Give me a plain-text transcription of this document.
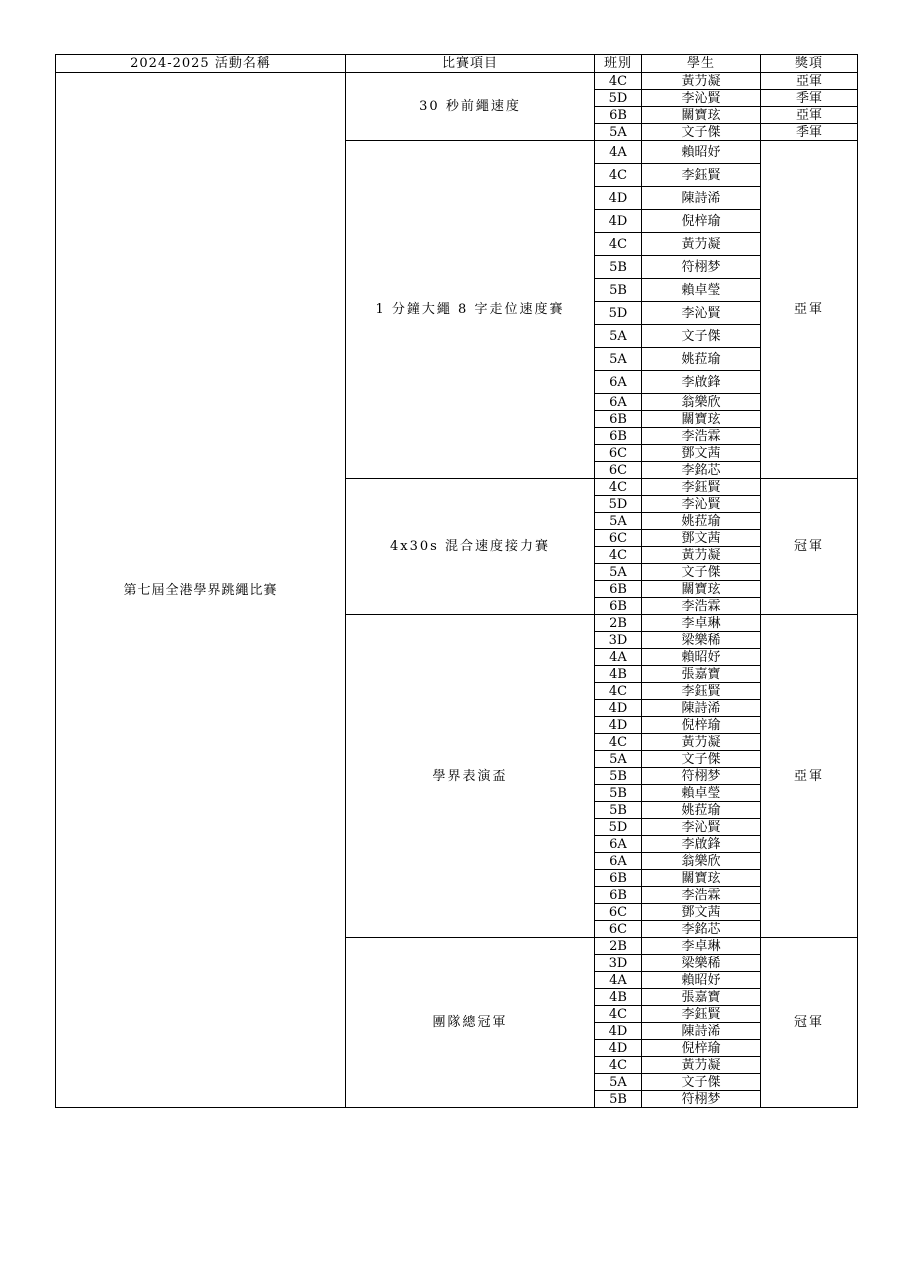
2024-2025 活動名稱	比賽項目	班別	學生	獎項
第七屆全港學界跳繩比賽	30 秒前繩速度	4C	黃芀凝	亞軍
		5D	李沁賢	季軍
		6B	關寶玹	亞軍
		5A	文子傑	季軍
	1 分鐘大繩 8 字走位速度賽	4A	賴昭妤	亞軍
		4C	李鈺賢	
		4D	陳詩浠	
		4D	倪梓瑜	
		4C	黃芀凝	
		5B	符栩梦	
		5B	賴卓瑩	
		5D	李沁賢	
		5A	文子傑	
		5A	姚菈瑜	
		6A	李啟鋒	
		6A	翁樂欣	
		6B	關寶玹	
		6B	李浩霖	
		6C	鄧文茜	
		6C	李銘芯	
	4x30s 混合速度接力賽	4C	李鈺賢	冠軍
		5D	李沁賢	
		5A	姚菈瑜	
		6C	鄧文茜	
		4C	黃芀凝	
		5A	文子傑	
		6B	關寶玹	
		6B	李浩霖	
	學界表演盃	2B	李卓琳	亞軍
		3D	梁樂稀	
		4A	賴昭妤	
		4B	張嘉寶	
		4C	李鈺賢	
		4D	陳詩浠	
		4D	倪梓瑜	
		4C	黃芀凝	
		5A	文子傑	
		5B	符栩梦	
		5B	賴卓瑩	
		5B	姚菈瑜	
		5D	李沁賢	
		6A	李啟鋒	
		6A	翁樂欣	
		6B	關寶玹	
		6B	李浩霖	
		6C	鄧文茜	
		6C	李銘芯	
	團隊總冠軍	2B	李卓琳	冠軍
		3D	梁樂稀	
		4A	賴昭妤	
		4B	張嘉寶	
		4C	李鈺賢	
		4D	陳詩浠	
		4D	倪梓瑜	
		4C	黃芀凝	
		5A	文子傑	
		5B	符栩梦	
